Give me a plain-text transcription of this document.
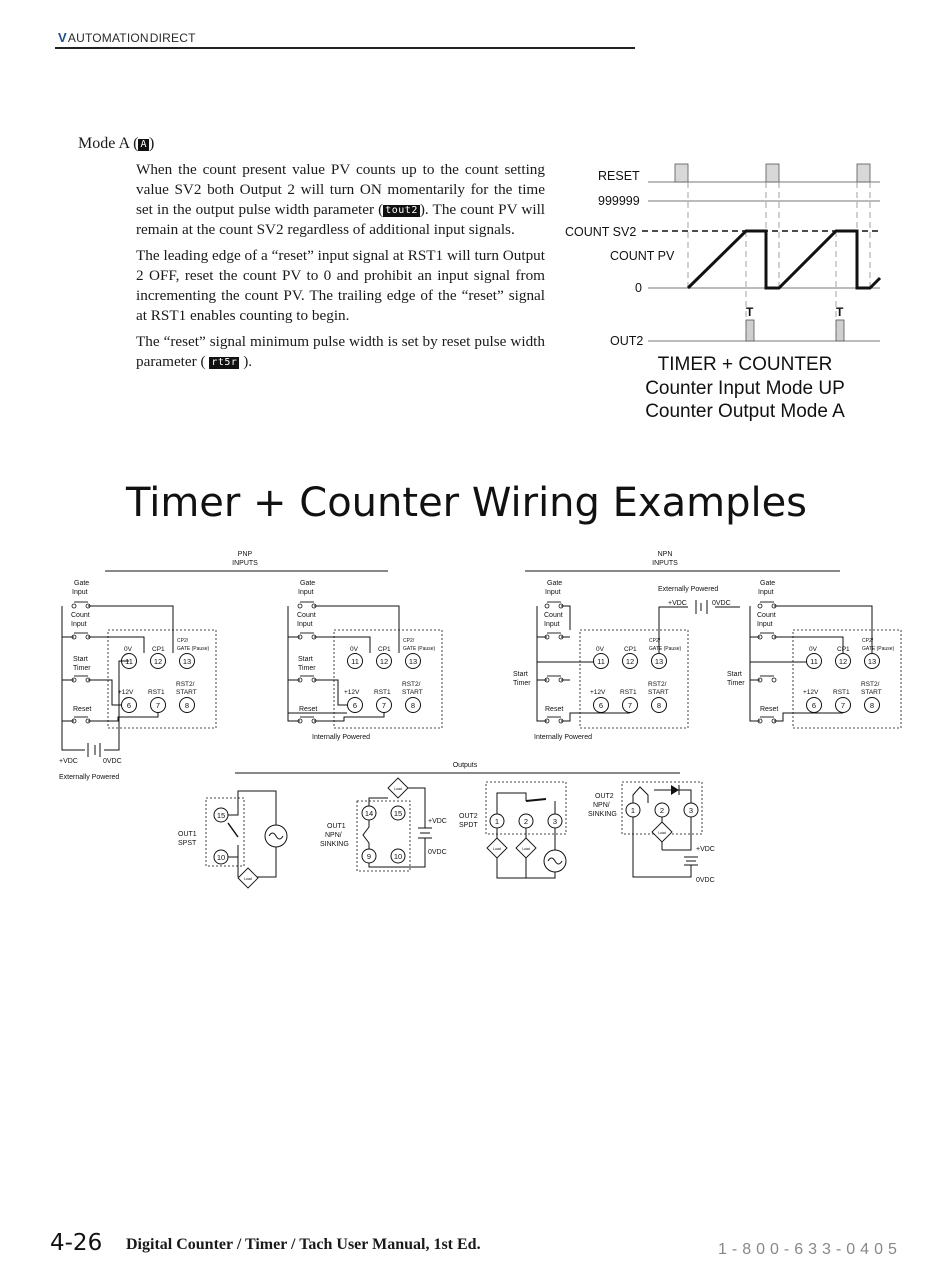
V AUTOMATION DIRECT
Mode A ( A )

When the count present value PV counts up to the count setting value SV2 both Output 2 will turn ON momentarily for the time set in the output pulse width parameter ( tout2 ). The count PV will remain at the count SV2 regardless of additional input signals.

The leading edge of a “reset” input signal at RST1 will turn Output 2 OFF, reset the count PV to 0 and prohibit an input signal from incrementing the count PV. The trailing edge of the “reset” signal at RST1 enables counting to begin.

The “reset” signal minimum pulse width is set by reset pulse width parameter ( rt5r ).

RESET
999999
COUNT SV2
COUNT PV
0
OUT2
T	T
TIMER + COUNTER
Counter Input Mode UP
Counter Output Mode A
Timer + Counter Wiring Examples
PNP
INPUTS
NPN
INPUTS
Outputs
Gate
Input
Count
Input
Start
Timer
Reset
+VDC	0VDC
Externally Powered
0V	CP1
CP2/
GATE (Pause)
+12V RST1
RST2/
START
11	12	13
6	7	8
Gate
Input
Count
Input
Start
Timer
Reset
Internally Powered
0V	CP1
CP2/
GATE (Pause)
+12V RST1
RST2/
START
11	12	13
6	7	8
Gate
Input
Count
Input
Start
Timer
Reset
Internally Powered
Externally Powered
+VDC	0VDC
0V	CP1
CP2/
GATE (Pause)
+12V RST1
RST2/
START
11	12	13
6	7	8
Gate
Input
Count
Input
Start
Timer
Reset
0V	CP1
CP2/
GATE (Pause)
+12V RST1
RST2/
START
11	12	13
6	7	8
OUT1
SPST
15
10
Load
OUT1
NPN/
SINKING
+VDC
0VDC
14	15
9	10
Load
OUT2
SPDT 1	2	3
Load	Load
OUT2
NPN/
SINKING
+VDC
0VDC
1	2	3
Load
4-26 Digital Counter / Timer / Tach User Manual, 1st Ed.	1-800-633-0405
